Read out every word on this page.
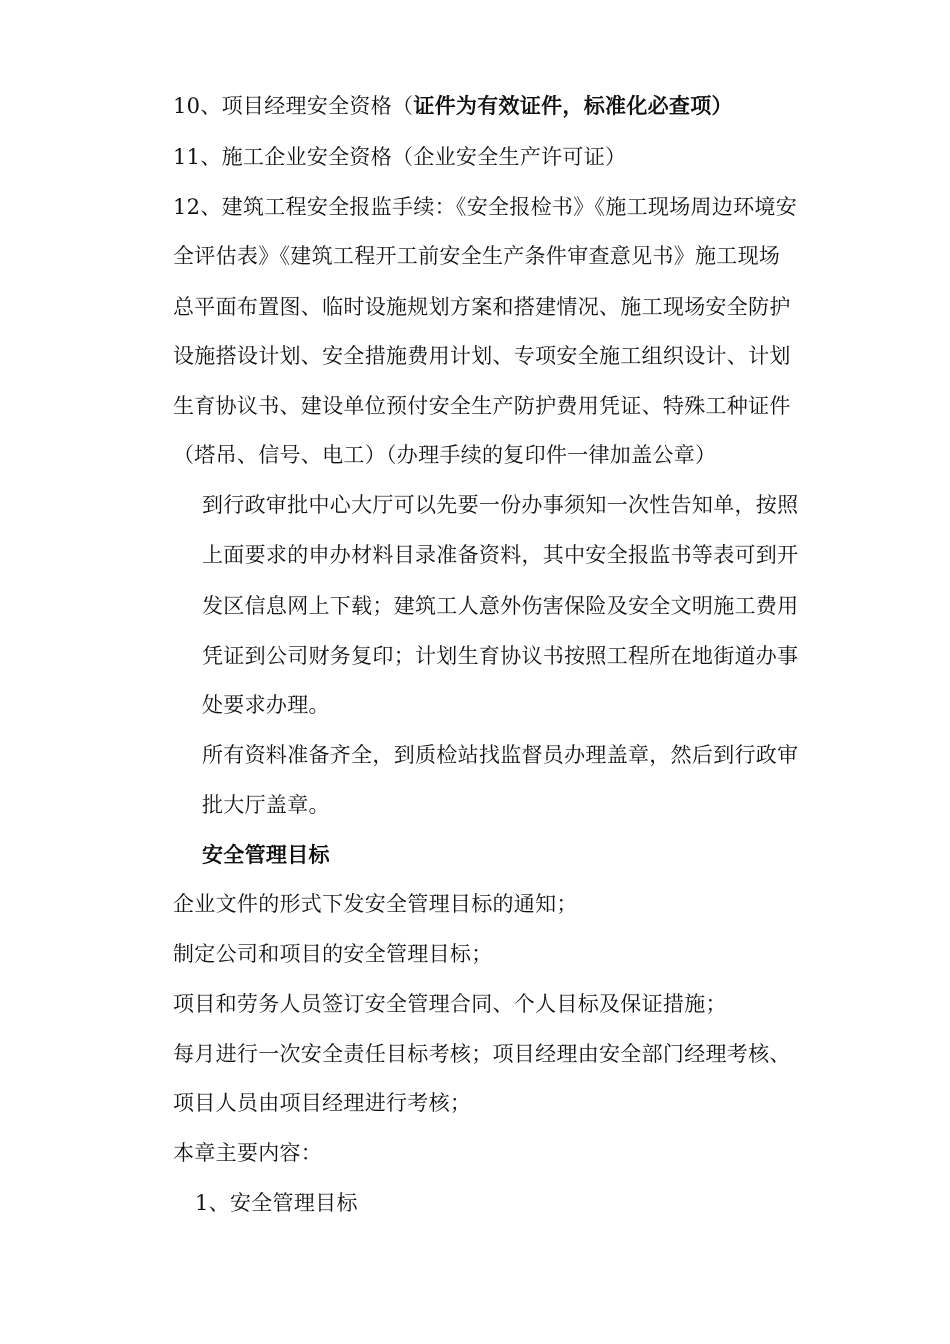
10、项目经理安全资格（证件为有效证件，标准化必查项）
11、施工企业安全资格（企业安全生产许可证）
12、建筑工程安全报监手续：《安全报检书》《施工现场周边环境安
全评估表》《建筑工程开工前安全生产条件审查意见书》施工现场
总平面布置图、临时设施规划方案和搭建情况、施工现场安全防护
设施搭设计划、安全措施费用计划、专项安全施工组织设计、计划
生育协议书、建设单位预付安全生产防护费用凭证、特殊工种证件
（塔吊、信号、电工）（办理手续的复印件一律加盖公章）
到行政审批中心大厅可以先要一份办事须知一次性告知单，按照
上面要求的申办材料目录准备资料，其中安全报监书等表可到开
发区信息网上下载；建筑工人意外伤害保险及安全文明施工费用
凭证到公司财务复印；计划生育协议书按照工程所在地街道办事
处要求办理。
所有资料准备齐全，到质检站找监督员办理盖章，然后到行政审
批大厅盖章。
安全管理目标
企业文件的形式下发安全管理目标的通知；
制定公司和项目的安全管理目标；
项目和劳务人员签订安全管理合同、个人目标及保证措施；
每月进行一次安全责任目标考核；项目经理由安全部门经理考核、
项目人员由项目经理进行考核；
本章主要内容：
1、安全管理目标
